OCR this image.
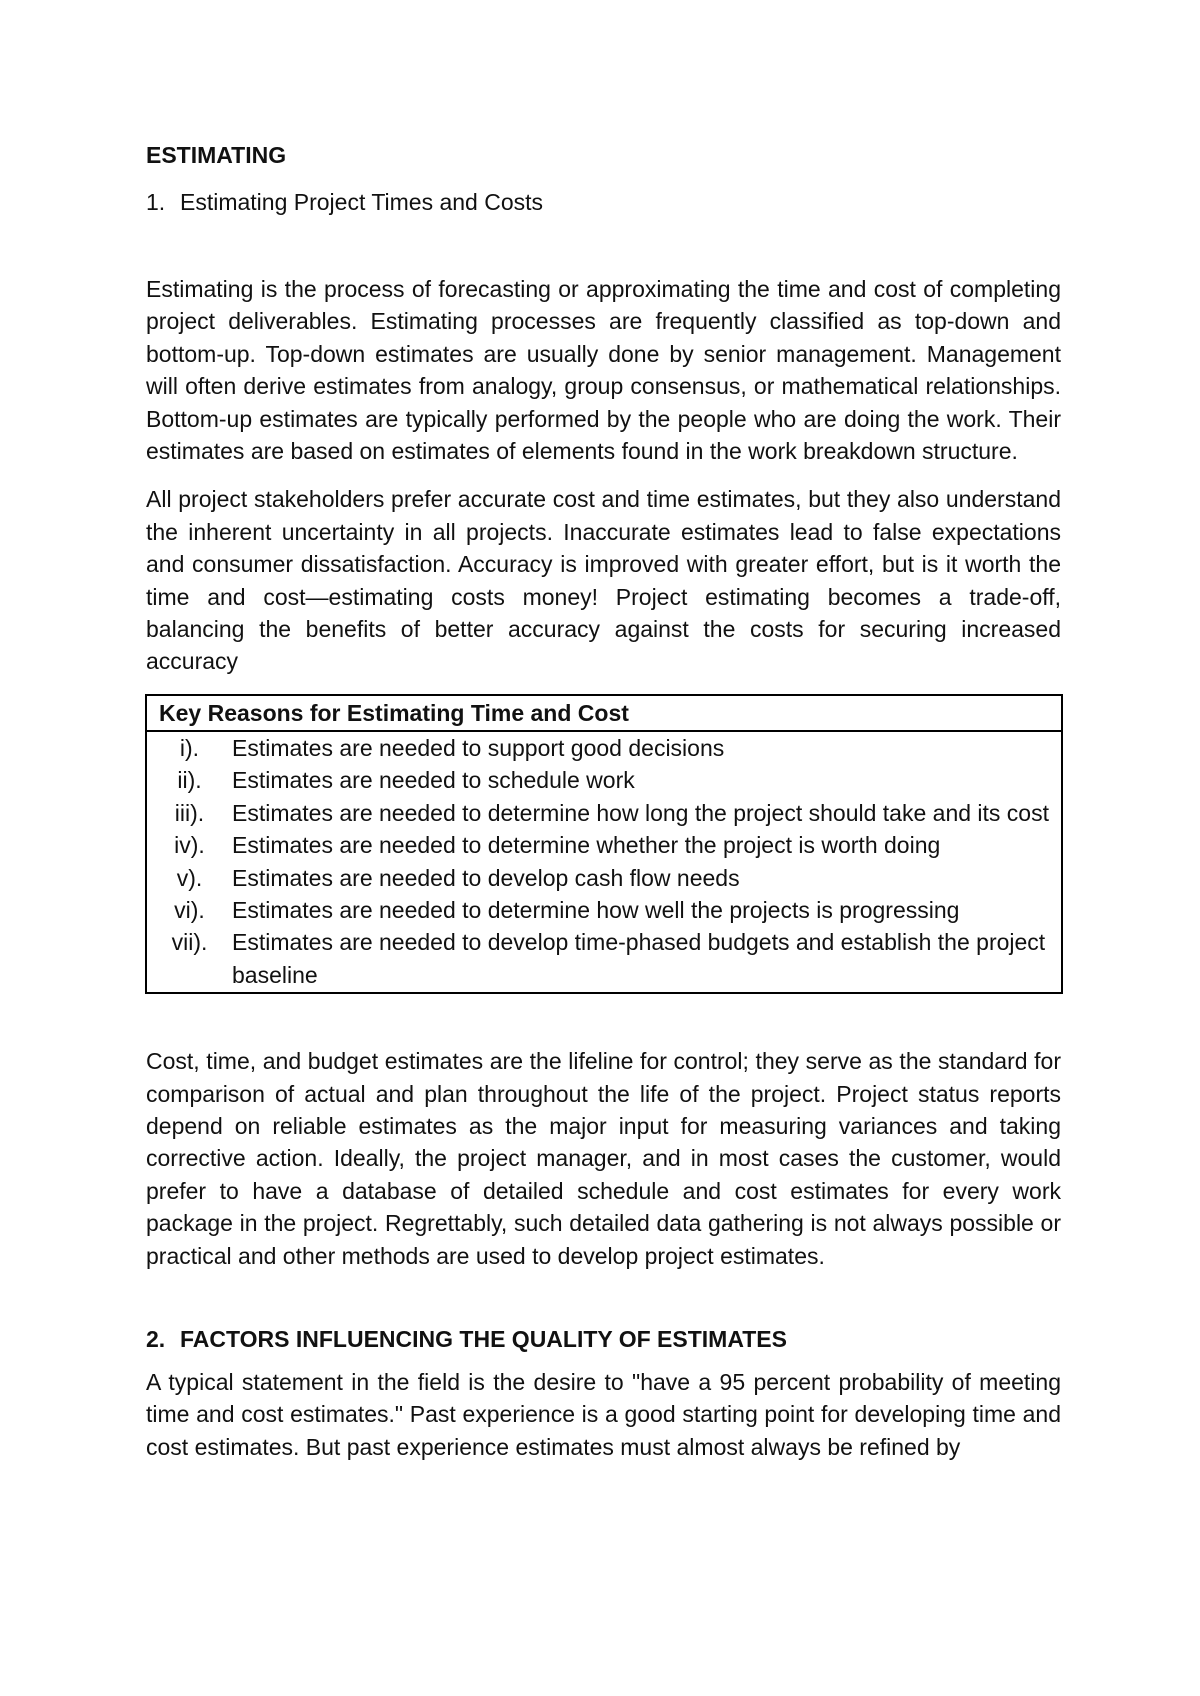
ESTIMATING
1. Estimating Project Times and Costs

Estimating is the process of forecasting or approximating the time and cost of completing project deliverables. Estimating processes are frequently classified as top-down and bottom-up. Top-down estimates are usually done by senior management. Management will often derive estimates from analogy, group consensus, or mathematical relationships. Bottom-up estimates are typically performed by the people who are doing the work. Their estimates are based on estimates of elements found in the work breakdown structure.

All project stakeholders prefer accurate cost and time estimates, but they also understand the inherent uncertainty in all projects. Inaccurate estimates lead to false expectations and consumer dissatisfaction. Accuracy is improved with greater effort, but is it worth the time and cost—estimating costs money! Project estimating becomes a trade-off, balancing the benefits of better accuracy against the costs for securing increased accuracy

Key Reasons for Estimating Time and Cost	
i).	Estimates are needed to support good decisions
ii).	Estimates are needed to schedule work
iii).	Estimates are needed to determine how long the project should take and its cost
iv).	Estimates are needed to determine whether the project is worth doing
v).	Estimates are needed to develop cash flow needs
vi).	Estimates are needed to determine how well the projects is progressing
vii).	Estimates are needed to develop time-phased budgets and establish the project baseline

Cost, time, and budget estimates are the lifeline for control; they serve as the standard for comparison of actual and plan throughout the life of the project. Project status reports depend on reliable estimates as the major input for measuring variances and taking corrective action. Ideally, the project manager, and in most cases the customer, would prefer to have a database of detailed schedule and cost estimates for every work package in the project. Regrettably, such detailed data gathering is not always possible or practical and other methods are used to develop project estimates.

2. FACTORS INFLUENCING THE QUALITY OF ESTIMATES

A typical statement in the field is the desire to "have a 95 percent probability of meeting time and cost estimates." Past experience is a good starting point for developing time and cost estimates. But past experience estimates must almost always be refined by
